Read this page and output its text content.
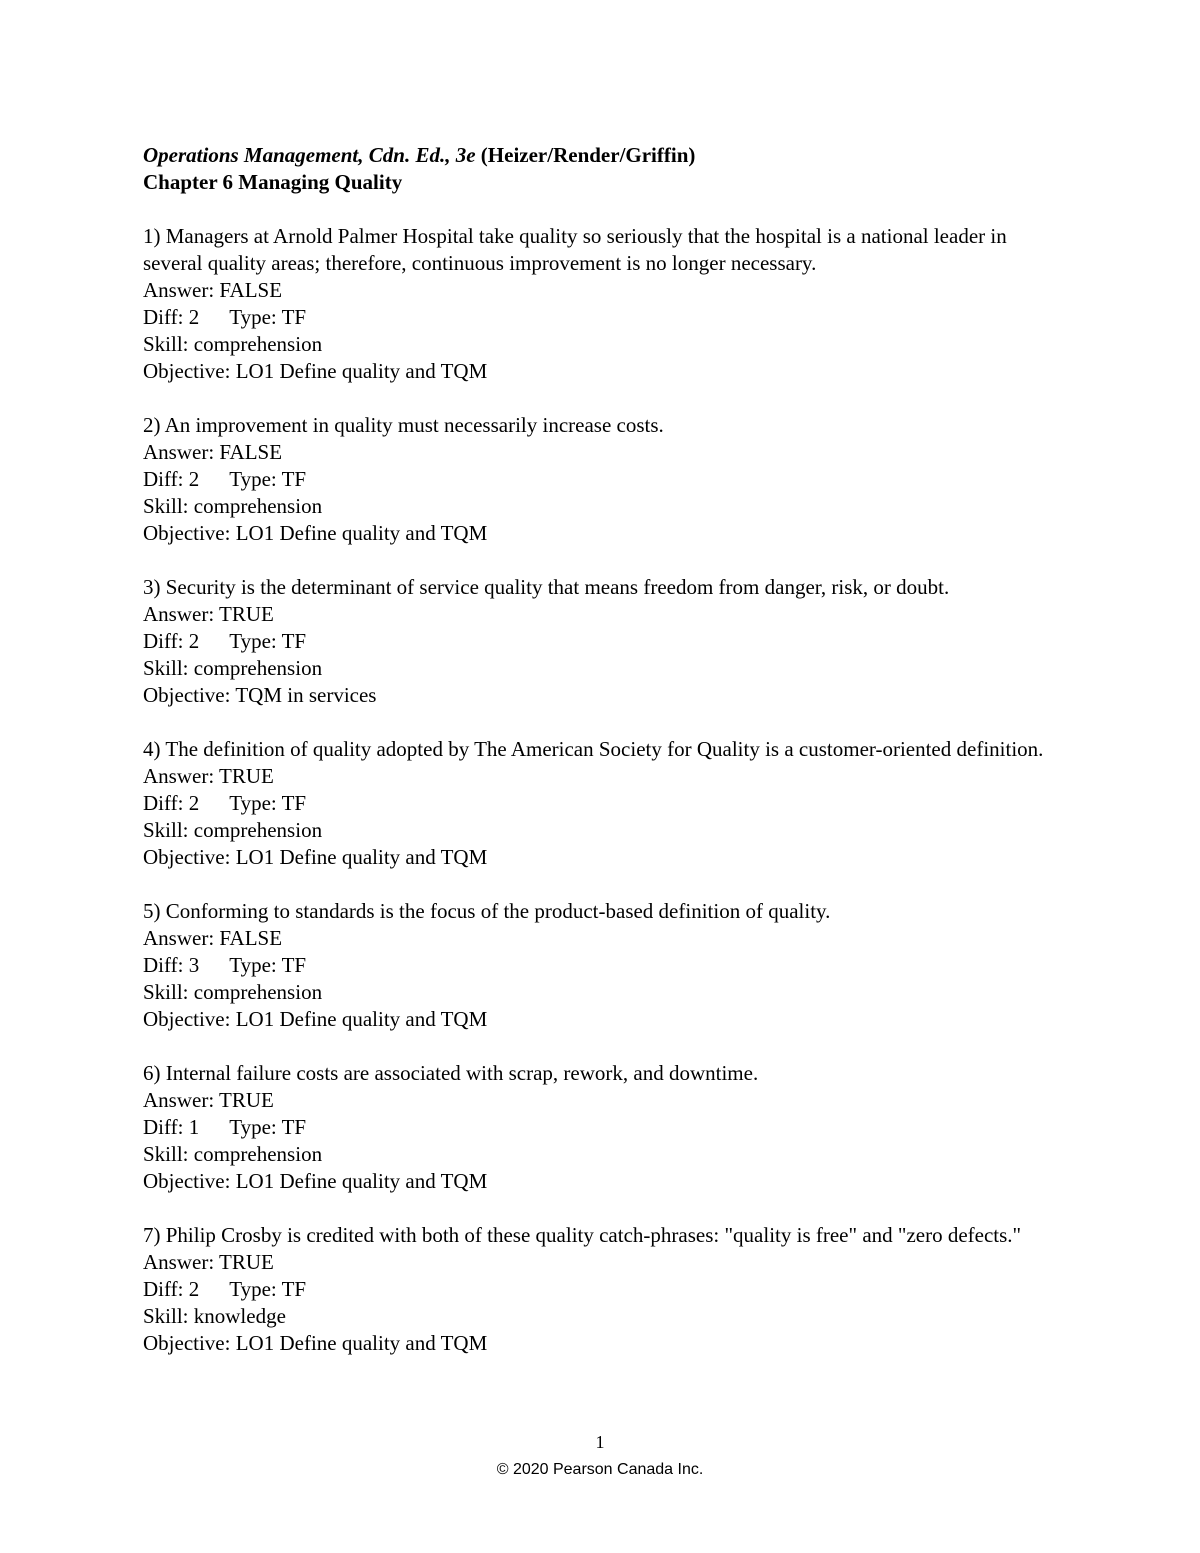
Operations Management, Cdn. Ed., 3e (Heizer/Render/Griffin)
Chapter 6 Managing Quality
1) Managers at Arnold Palmer Hospital take quality so seriously that the hospital is a national leader in several quality areas; therefore, continuous improvement is no longer necessary.
Answer: FALSE
Diff: 2 Type: TF
Skill: comprehension
Objective: LO1 Define quality and TQM
2) An improvement in quality must necessarily increase costs.
Answer: FALSE
Diff: 2 Type: TF
Skill: comprehension
Objective: LO1 Define quality and TQM
3) Security is the determinant of service quality that means freedom from danger, risk, or doubt.
Answer: TRUE
Diff: 2 Type: TF
Skill: comprehension
Objective: TQM in services
4) The definition of quality adopted by The American Society for Quality is a customer-oriented definition.
Answer: TRUE
Diff: 2 Type: TF
Skill: comprehension
Objective: LO1 Define quality and TQM
5) Conforming to standards is the focus of the product-based definition of quality.
Answer: FALSE
Diff: 3 Type: TF
Skill: comprehension
Objective: LO1 Define quality and TQM
6) Internal failure costs are associated with scrap, rework, and downtime.
Answer: TRUE
Diff: 1 Type: TF
Skill: comprehension
Objective: LO1 Define quality and TQM
7) Philip Crosby is credited with both of these quality catch-phrases: "quality is free" and "zero defects."
Answer: TRUE
Diff: 2 Type: TF
Skill: knowledge
Objective: LO1 Define quality and TQM
1
© 2020 Pearson Canada Inc.
